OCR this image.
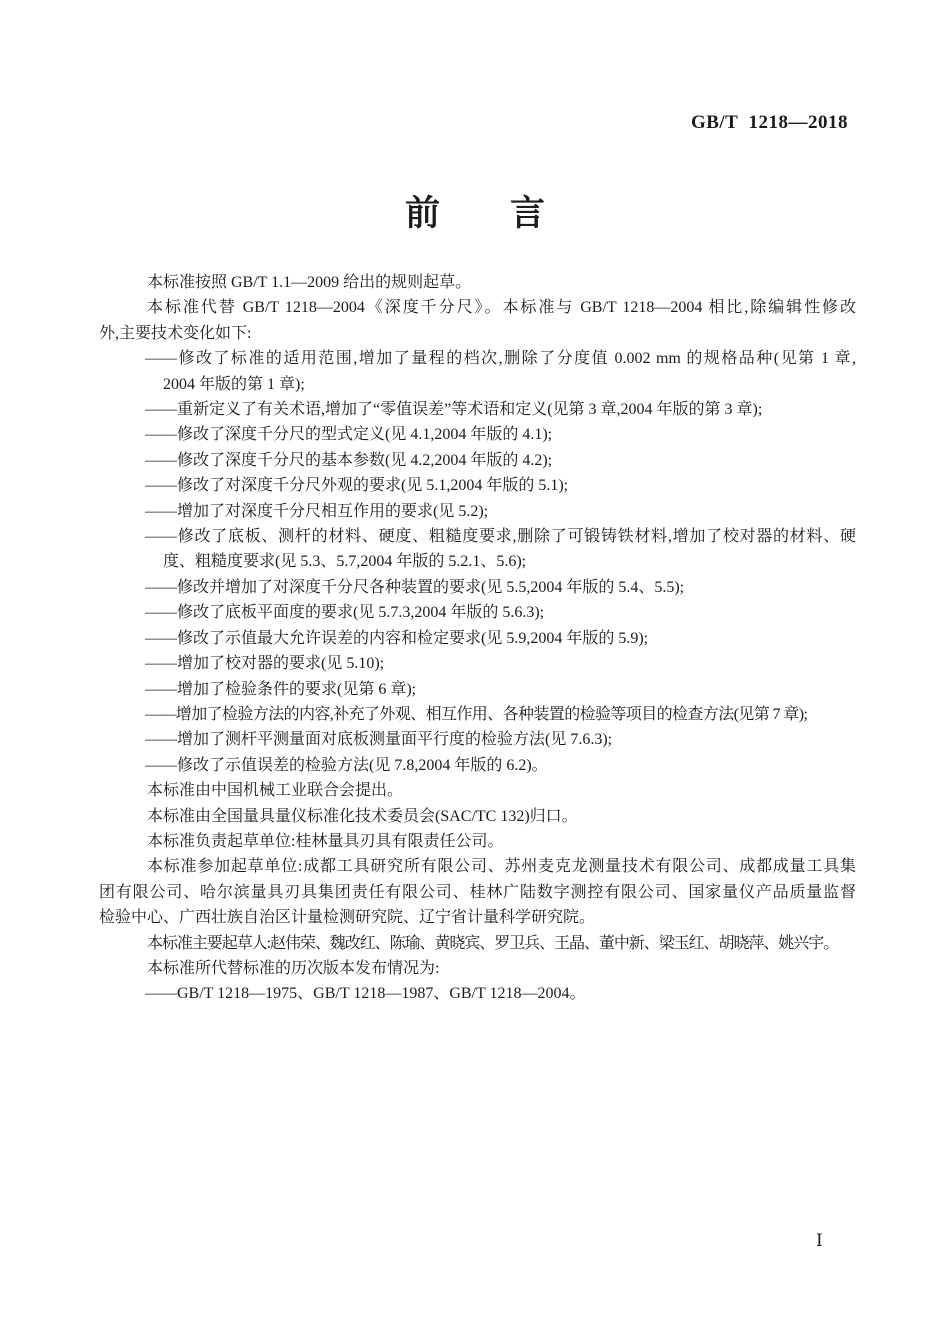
GB/T  1218—2018
前　　言
本标准按照 GB/T 1.1—2009 给出的规则起草。
本标准代替 GB/T 1218—2004《深度千分尺》。本标准与 GB/T 1218—2004 相比,除编辑性修改
外,主要技术变化如下:
——修改了标准的适用范围,增加了量程的档次,删除了分度值 0.002 mm 的规格品种(见第 1 章,
2004 年版的第 1 章);
——重新定义了有关术语,增加了“零值误差”等术语和定义(见第 3 章,2004 年版的第 3 章);
——修改了深度千分尺的型式定义(见 4.1,2004 年版的 4.1);
——修改了深度千分尺的基本参数(见 4.2,2004 年版的 4.2);
——修改了对深度千分尺外观的要求(见 5.1,2004 年版的 5.1);
——增加了对深度千分尺相互作用的要求(见 5.2);
——修改了底板、测杆的材料、硬度、粗糙度要求,删除了可锻铸铁材料,增加了校对器的材料、硬
度、粗糙度要求(见 5.3、5.7,2004 年版的 5.2.1、5.6);
——修改并增加了对深度千分尺各种装置的要求(见 5.5,2004 年版的 5.4、5.5);
——修改了底板平面度的要求(见 5.7.3,2004 年版的 5.6.3);
——修改了示值最大允许误差的内容和检定要求(见 5.9,2004 年版的 5.9);
——增加了校对器的要求(见 5.10);
——增加了检验条件的要求(见第 6 章);
——增加了检验方法的内容,补充了外观、相互作用、各种装置的检验等项目的检查方法(见第 7 章);
——增加了测杆平测量面对底板测量面平行度的检验方法(见 7.6.3);
——修改了示值误差的检验方法(见 7.8,2004 年版的 6.2)。
本标准由中国机械工业联合会提出。
本标准由全国量具量仪标准化技术委员会(SAC/TC 132)归口。
本标准负责起草单位:桂林量具刃具有限责任公司。
本标准参加起草单位:成都工具研究所有限公司、苏州麦克龙测量技术有限公司、成都成量工具集
团有限公司、哈尔滨量具刃具集团责任有限公司、桂林广陆数字测控有限公司、国家量仪产品质量监督
检验中心、广西壮族自治区计量检测研究院、辽宁省计量科学研究院。
本标准主要起草人:赵伟荣、魏改红、陈瑜、黄晓宾、罗卫兵、王晶、董中新、梁玉红、胡晓萍、姚兴宇。
本标准所代替标准的历次版本发布情况为:
——GB/T 1218—1975、GB/T 1218—1987、GB/T 1218—2004。
Ⅰ
